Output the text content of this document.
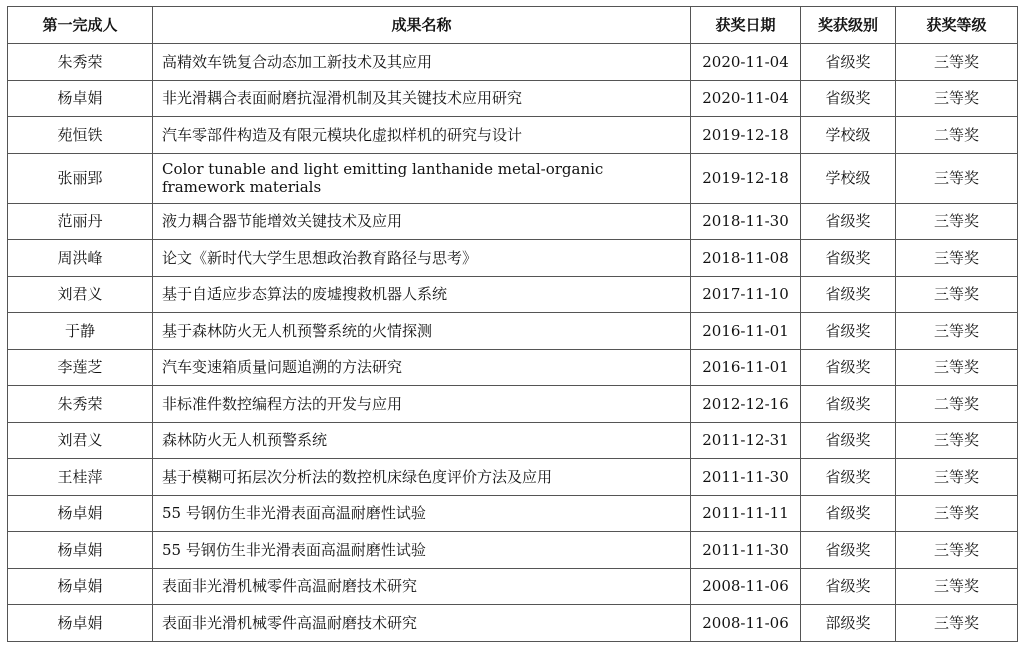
第一完成人	成果名称	获奖日期	奖获级别	获奖等级
朱秀荣	高精效车铣复合动态加工新技术及其应用	2020-11-04	省级奖	三等奖
杨卓娟	非光滑耦合表面耐磨抗湿滑机制及其关键技术应用研究	2020-11-04	省级奖	三等奖
苑恒铁	汽车零部件构造及有限元模块化虚拟样机的研究与设计	2019-12-18	学校级	二等奖
张丽郢	Color tunable and light emitting lanthanide metal-organic framework materials	2019-12-18	学校级	三等奖
范丽丹	液力耦合器节能增效关键技术及应用	2018-11-30	省级奖	三等奖
周洪峰	论文《新时代大学生思想政治教育路径与思考》	2018-11-08	省级奖	三等奖
刘君义	基于自适应步态算法的废墟搜救机器人系统	2017-11-10	省级奖	三等奖
于静	基于森林防火无人机预警系统的火情探测	2016-11-01	省级奖	三等奖
李莲芝	汽车变速箱质量问题追溯的方法研究	2016-11-01	省级奖	三等奖
朱秀荣	非标准件数控编程方法的开发与应用	2012-12-16	省级奖	二等奖
刘君义	森林防火无人机预警系统	2011-12-31	省级奖	三等奖
王桂萍	基于模糊可拓层次分析法的数控机床绿色度评价方法及应用	2011-11-30	省级奖	三等奖
杨卓娟	55 号钢仿生非光滑表面高温耐磨性试验	2011-11-11	省级奖	三等奖
杨卓娟	55 号钢仿生非光滑表面高温耐磨性试验	2011-11-30	省级奖	三等奖
杨卓娟	表面非光滑机械零件高温耐磨技术研究	2008-11-06	省级奖	三等奖
杨卓娟	表面非光滑机械零件高温耐磨技术研究	2008-11-06	部级奖	三等奖
